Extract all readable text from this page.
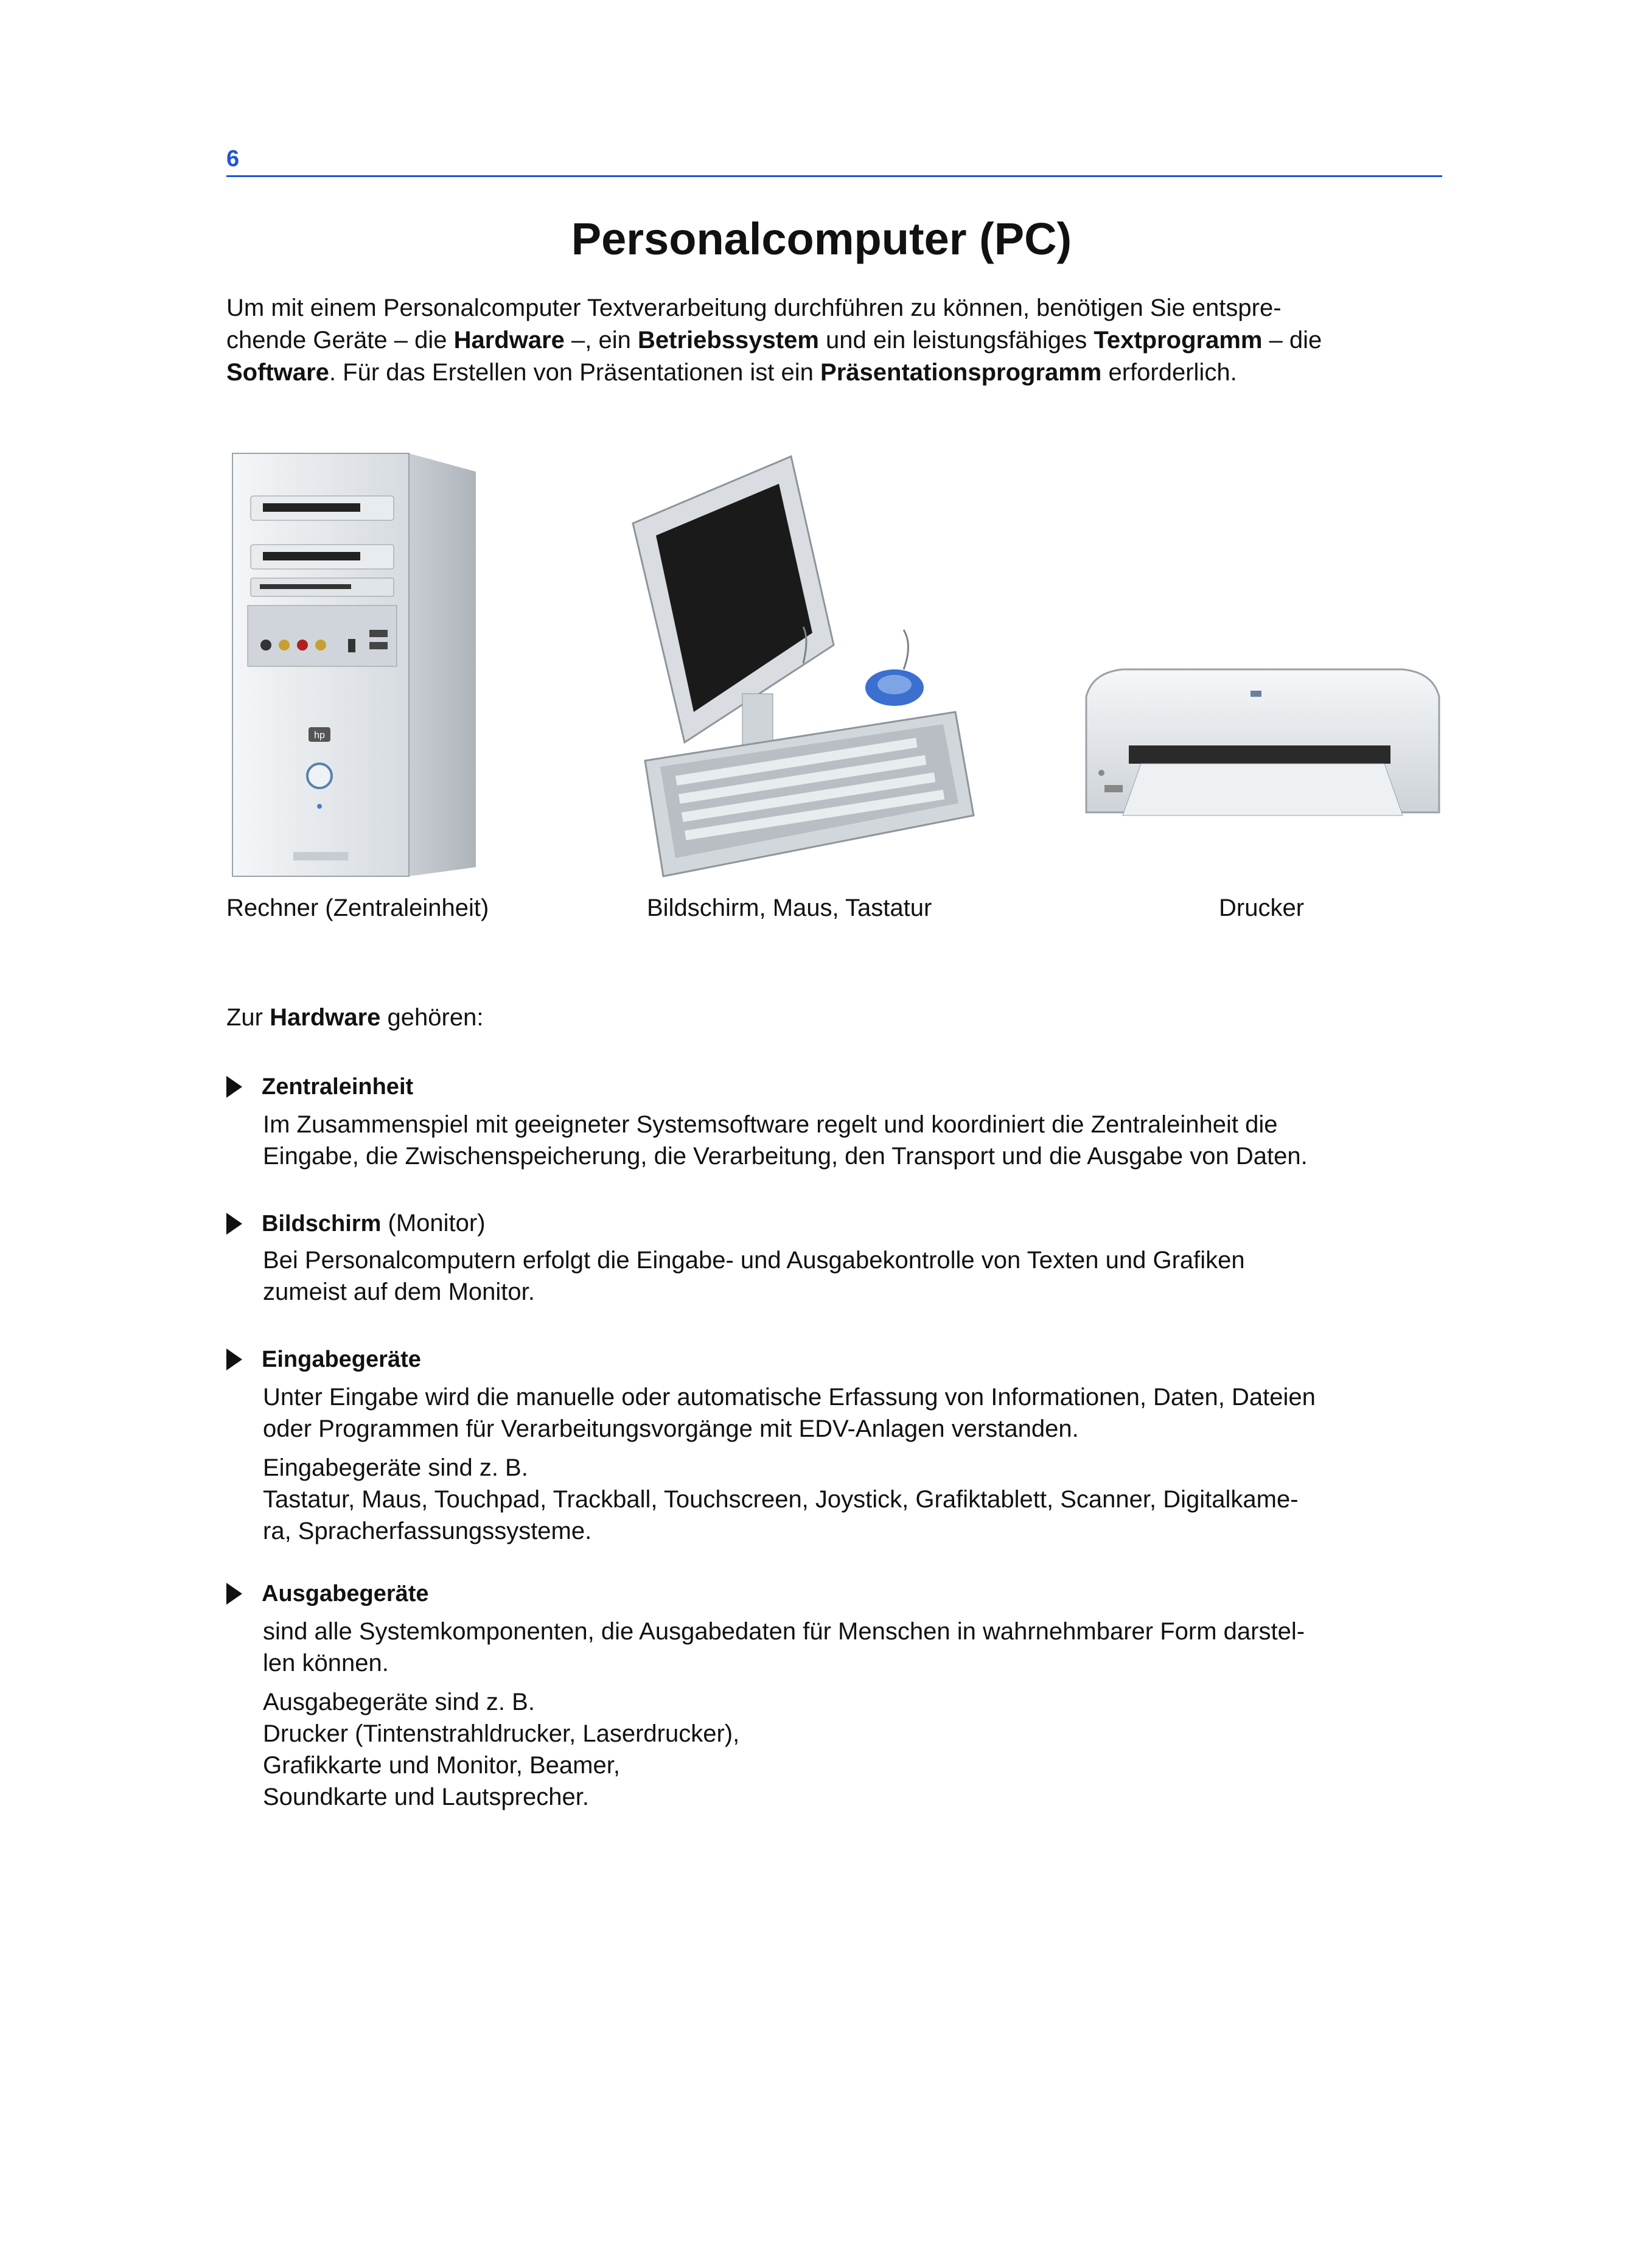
6
Personalcomputer (PC)
Um mit einem Personalcomputer Textverarbeitung durchführen zu können, benötigen Sie entspre-
chende Geräte – die Hardware –, ein Betriebssystem und ein leistungsfähiges Textprogramm – die
Software. Für das Erstellen von Präsentationen ist ein Präsentationsprogramm erforderlich.
hp
Rechner (Zentraleinheit)	Bildschirm, Maus, Tastatur	Drucker
Zur Hardware gehören:
Zentraleinheit

Im Zusammenspiel mit geeigneter Systemsoftware regelt und koordiniert die Zentraleinheit die

Eingabe, die Zwischenspeicherung, die Verarbeitung, den Transport und die Ausgabe von Daten.

Bildschirm (Monitor)

Bei Personalcomputern erfolgt die Eingabe- und Ausgabekontrolle von Texten und Grafiken

zumeist auf dem Monitor.

Eingabegeräte

Unter Eingabe wird die manuelle oder automatische Erfassung von Informationen, Daten, Dateien

oder Programmen für Verarbeitungsvorgänge mit EDV-Anlagen verstanden.

Eingabegeräte sind z. B.

Tastatur, Maus, Touchpad, Trackball, Touchscreen, Joystick, Grafiktablett, Scanner, Digitalkame-

ra, Spracherfassungssysteme.

Ausgabegeräte

sind alle Systemkomponenten, die Ausgabedaten für Menschen in wahrnehmbarer Form darstel-

len können.

Ausgabegeräte sind z. B.

Drucker (Tintenstrahldrucker, Laserdrucker),

Grafikkarte und Monitor, Beamer,

Soundkarte und Lautsprecher.
